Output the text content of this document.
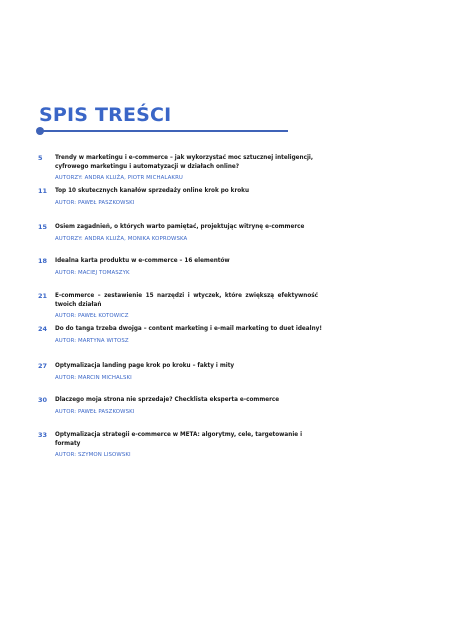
SPIS TREŚCI
5	Trendy w marketingu i e-commerce – jak wykorzystać moc sztucznej inteligencji, cyfrowego marketingu i automatyzacji w działach online?
AUTORZY: ANDRA KLUŹA, PIOTR MICHALAKRU
11	Top 10 skutecznych kanałów sprzedaży online krok po kroku
AUTOR: PAWEŁ PASZKOWSKI
15	Osiem zagadnień, o których warto pamiętać, projektując witrynę e-commerce
AUTORZY: ANDRA KLUŹA, MONIKA KOPROWSKA
18	Idealna karta produktu w e-commerce – 16 elementów
AUTOR: MACIEJ TOMASZYK
21	E-commerce – zestawienie 15 narzędzi i wtyczek, które zwiększą efektywność twoich działań
AUTOR: PAWEŁ KOTOWICZ
24	Do do tanga trzeba dwojga – content marketing i e-mail marketing to duet idealny!
AUTOR: MARTYNA WITOSZ
27	Optymalizacja landing page krok po kroku – fakty i mity
AUTOR: MARCIN MICHALSKI
30	Dlaczego moja strona nie sprzedaje? Checklista eksperta e-commerce
AUTOR: PAWEŁ PASZKOWSKI
33	Optymalizacja strategii e-commerce w META: algorytmy, cele, targetowanie i formaty
AUTOR: SZYMON LISOWSKI
